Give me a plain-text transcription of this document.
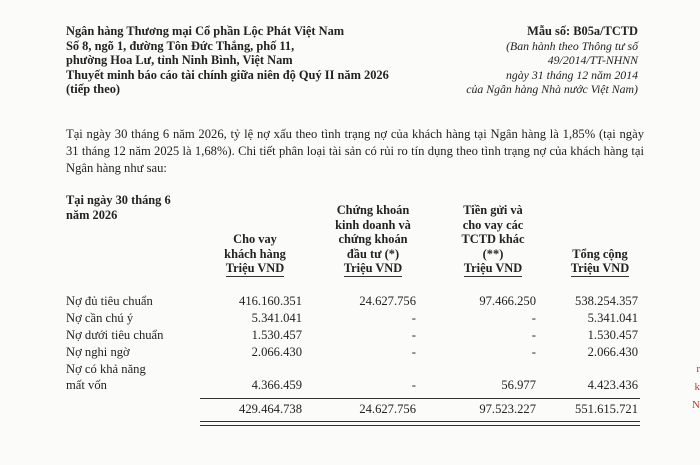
Ngân hàng Thương mại Cổ phần Lộc Phát Việt Nam
Số 8, ngõ 1, đường Tôn Đức Thắng, phố 11,
phường Hoa Lư, tỉnh Ninh Bình, Việt Nam
Thuyết minh báo cáo tài chính giữa niên độ Quý II năm 2026
(tiếp theo)
Mẫu số: B05a/TCTD
(Ban hành theo Thông tư số
49/2014/TT-NHNN
ngày 31 tháng 12 năm 2014
của Ngân hàng Nhà nước Việt Nam)
Tại ngày 30 tháng 6 năm 2026, tỷ lệ nợ xấu theo tình trạng nợ của khách hàng tại Ngân hàng là 1,85% (tại ngày 31 tháng 12 năm 2025 là 1,68%). Chi tiết phân loại tài sản có rủi ro tín dụng theo tình trạng nợ của khách hàng tại Ngân hàng như sau:
Tại ngày 30 tháng 6
năm 2026
Cho vay
khách hàng
Triệu VND
Chứng khoán
kinh doanh và
chứng khoán
đầu tư (*)
Triệu VND
Tiền gửi và
cho vay các
TCTD khác
(**)
Triệu VND
Tổng cộng
Triệu VND
Nợ đủ tiêu chuẩn	416.160.351	24.627.756	97.466.250	538.254.357
Nợ cần chú ý	5.341.041	-	-	5.341.041
Nợ dưới tiêu chuẩn	1.530.457	-	-	1.530.457
Nợ nghi ngờ	2.066.430	-	-	2.066.430
Nợ có khả năng
mất vốn	4.366.459	-	56.977	4.423.436
429.464.738	24.627.756	97.523.227	551.615.721
r
k
N
